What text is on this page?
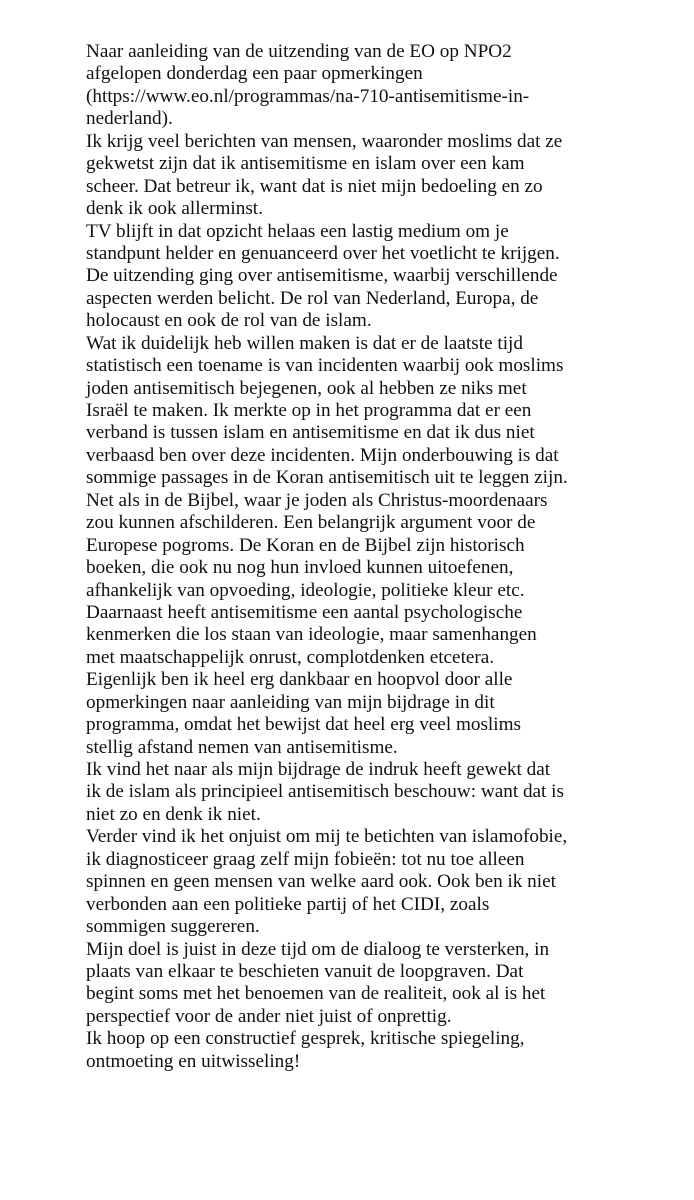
Naar aanleiding van de uitzending van de EO op NPO2
afgelopen donderdag een paar opmerkingen
(https://www.eo.nl/programmas/na-710-antisemitisme-in-
nederland).
Ik krijg veel berichten van mensen, waaronder moslims dat ze
gekwetst zijn dat ik antisemitisme en islam over een kam
scheer. Dat betreur ik, want dat is niet mijn bedoeling en zo
denk ik ook allerminst.
TV blijft in dat opzicht helaas een lastig medium om je
standpunt helder en genuanceerd over het voetlicht te krijgen.
De uitzending ging over antisemitisme, waarbij verschillende
aspecten werden belicht. De rol van Nederland, Europa, de
holocaust en ook de rol van de islam.
Wat ik duidelijk heb willen maken is dat er de laatste tijd
statistisch een toename is van incidenten waarbij ook moslims
joden antisemitisch bejegenen, ook al hebben ze niks met
Israël te maken. Ik merkte op in het programma dat er een
verband is tussen islam en antisemitisme en dat ik dus niet
verbaasd ben over deze incidenten. Mijn onderbouwing is dat
sommige passages in de Koran antisemitisch uit te leggen zijn.
Net als in de Bijbel, waar je joden als Christus-moordenaars
zou kunnen afschilderen. Een belangrijk argument voor de
Europese pogroms. De Koran en de Bijbel zijn historisch
boeken, die ook nu nog hun invloed kunnen uitoefenen,
afhankelijk van opvoeding, ideologie, politieke kleur etc.
Daarnaast heeft antisemitisme een aantal psychologische
kenmerken die los staan van ideologie, maar samenhangen
met maatschappelijk onrust, complotdenken etcetera.
Eigenlijk ben ik heel erg dankbaar en hoopvol door alle
opmerkingen naar aanleiding van mijn bijdrage in dit
programma, omdat het bewijst dat heel erg veel moslims
stellig afstand nemen van antisemitisme.
Ik vind het naar als mijn bijdrage de indruk heeft gewekt dat
ik de islam als principieel antisemitisch beschouw: want dat is
niet zo en denk ik niet.
Verder vind ik het onjuist om mij te betichten van islamofobie,
ik diagnosticeer graag zelf mijn fobieën: tot nu toe alleen
spinnen en geen mensen van welke aard ook. Ook ben ik niet
verbonden aan een politieke partij of het CIDI, zoals
sommigen suggereren.
Mijn doel is juist in deze tijd om de dialoog te versterken, in
plaats van elkaar te beschieten vanuit de loopgraven. Dat
begint soms met het benoemen van de realiteit, ook al is het
perspectief voor de ander niet juist of onprettig.
Ik hoop op een constructief gesprek, kritische spiegeling,
ontmoeting en uitwisseling!
